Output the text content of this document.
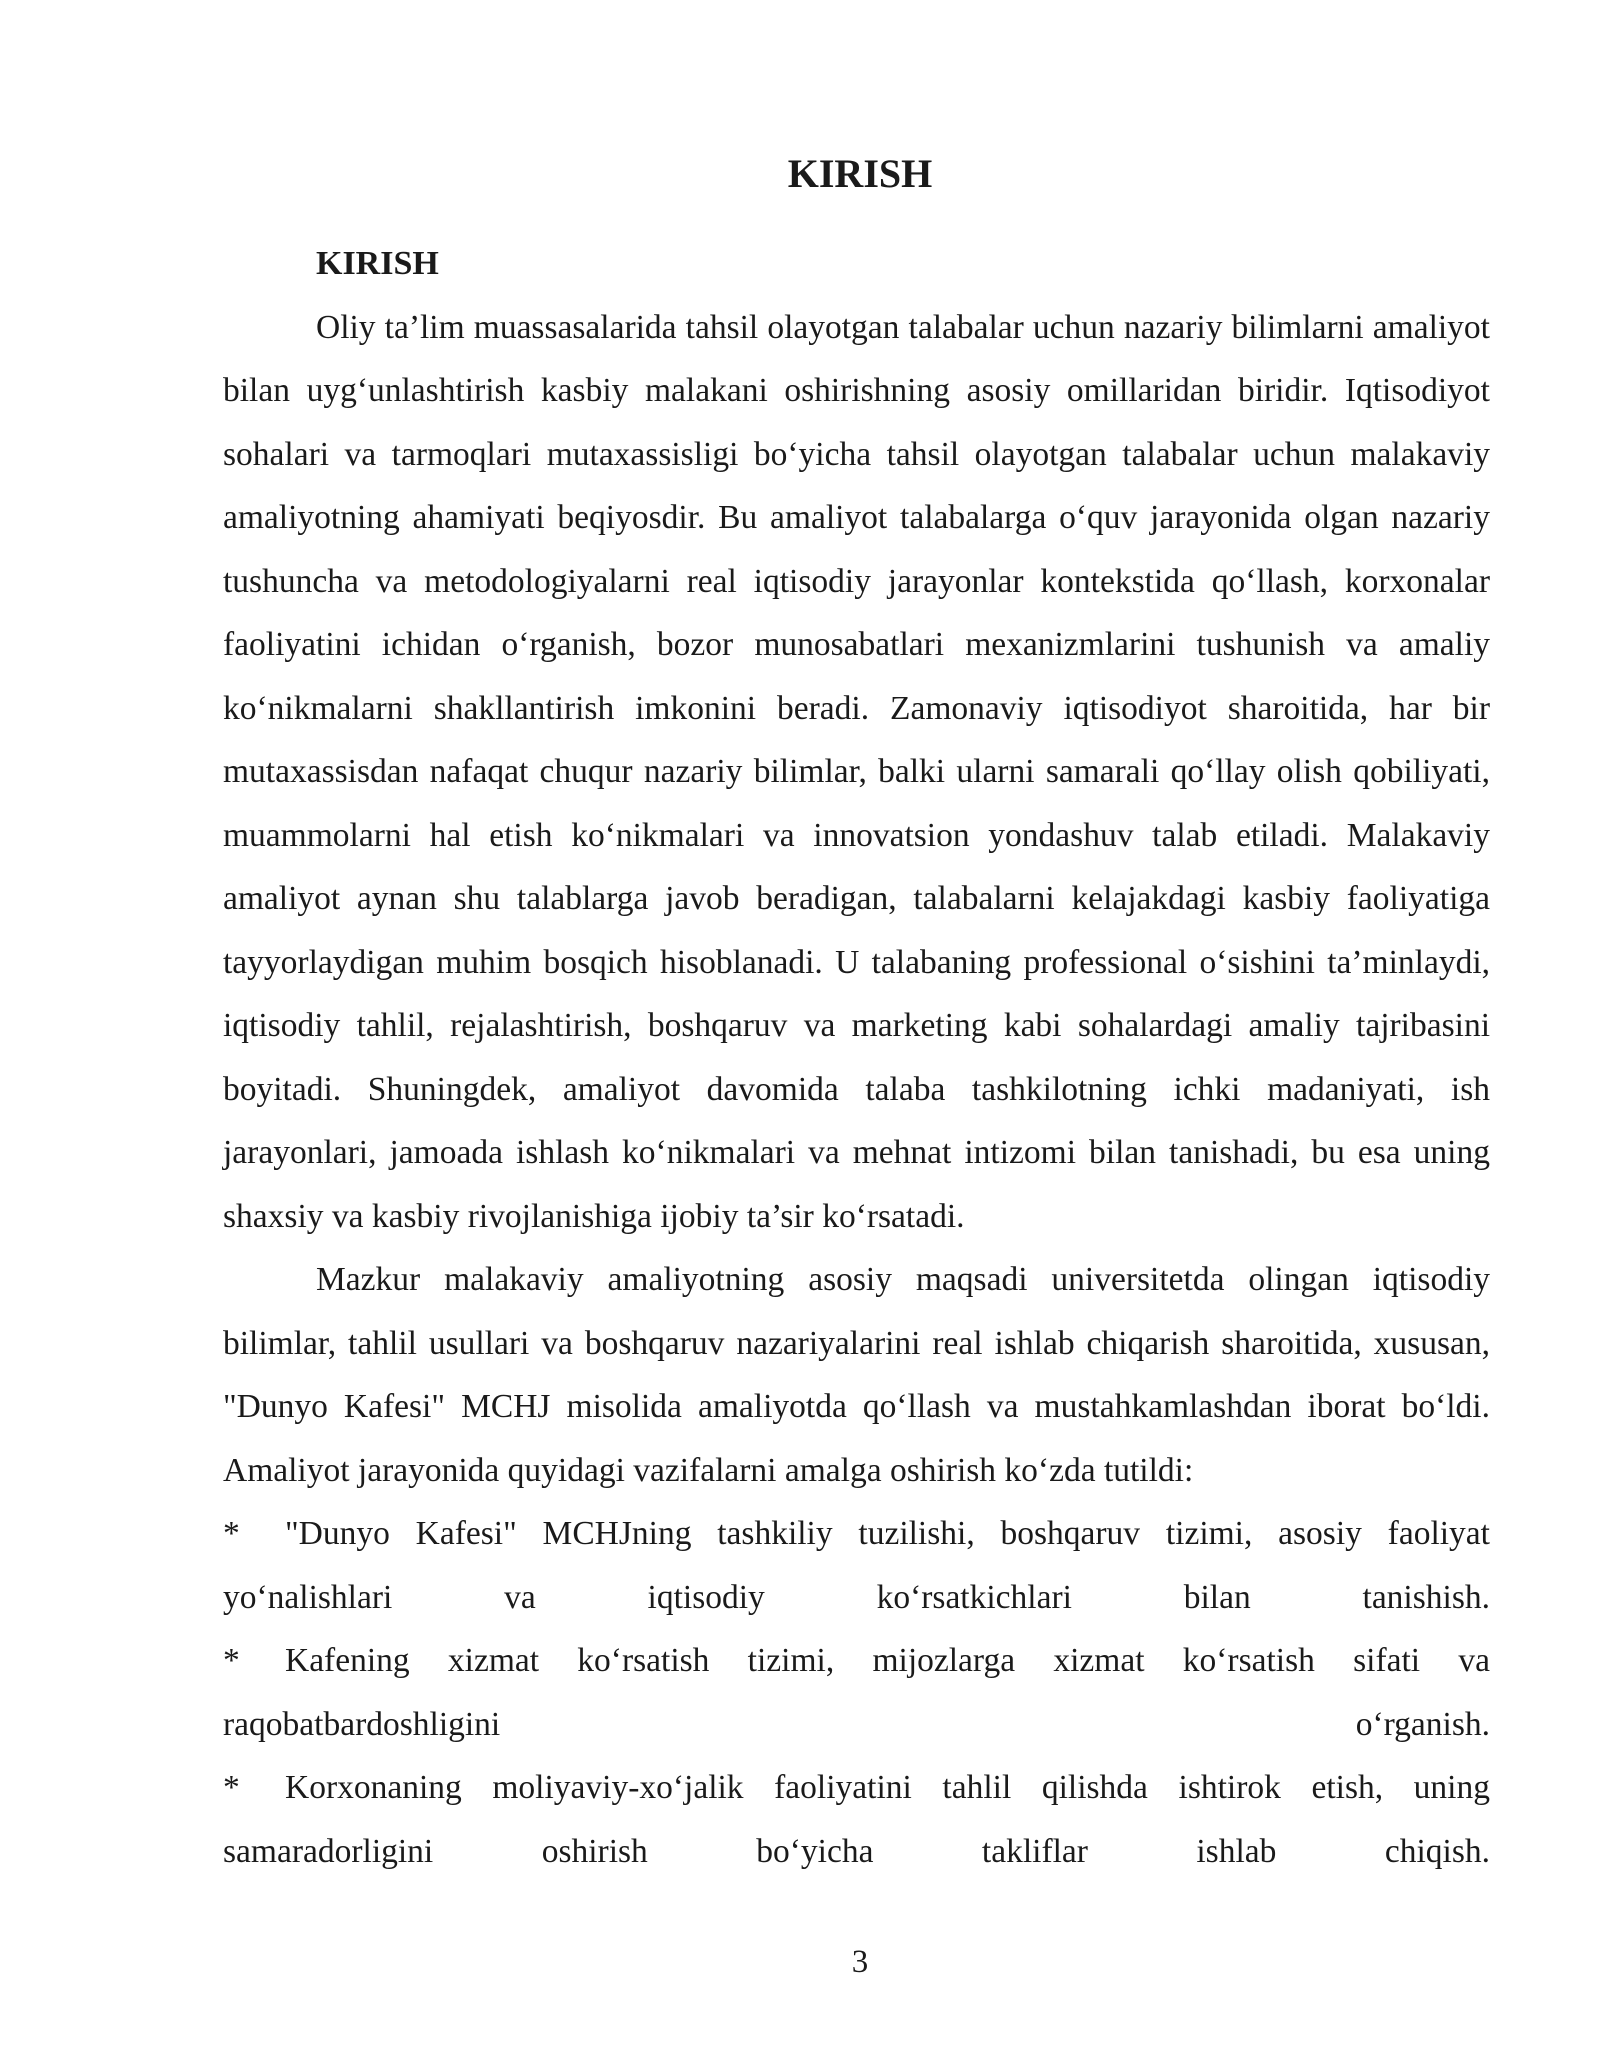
KIRISH

KIRISH

Oliy ta’lim muassasalarida tahsil olayotgan talabalar uchun nazariy bilimlarni amaliyot bilan uyg‘unlashtirish kasbiy malakani oshirishning asosiy omillaridan biridir. Iqtisodiyot sohalari va tarmoqlari mutaxassisligi bo‘yicha tahsil olayotgan talabalar uchun malakaviy amaliyotning ahamiyati beqiyosdir. Bu amaliyot talabalarga o‘quv jarayonida olgan nazariy tushuncha va metodologiyalarni real iqtisodiy jarayonlar kontekstida qo‘llash, korxonalar faoliyatini ichidan o‘rganish, bozor munosabatlari mexanizmlarini tushunish va amaliy ko‘nikmalarni shakllantirish imkonini beradi. Zamonaviy iqtisodiyot sharoitida, har bir mutaxassisdan nafaqat chuqur nazariy bilimlar, balki ularni samarali qo‘llay olish qobiliyati, muammolarni hal etish ko‘nikmalari va innovatsion yondashuv talab etiladi. Malakaviy amaliyot aynan shu talablarga javob beradigan, talabalarni kelajakdagi kasbiy faoliyatiga tayyorlaydigan muhim bosqich hisoblanadi. U talabaning professional o‘sishini ta’minlaydi, iqtisodiy tahlil, rejalashtirish, boshqaruv va marketing kabi sohalardagi amaliy tajribasini boyitadi. Shuningdek, amaliyot davomida talaba tashkilotning ichki madaniyati, ish jarayonlari, jamoada ishlash ko‘nikmalari va mehnat intizomi bilan tanishadi, bu esa uning shaxsiy va kasbiy rivojlanishiga ijobiy ta’sir ko‘rsatadi.

Mazkur malakaviy amaliyotning asosiy maqsadi universitetda olingan iqtisodiy bilimlar, tahlil usullari va boshqaruv nazariyalarini real ishlab chiqarish sharoitida, xususan, "Dunyo Kafesi" MCHJ misolida amaliyotda qo‘llash va mustahkamlashdan iborat bo‘ldi. Amaliyot jarayonida quyidagi vazifalarni amalga oshirish ko‘zda tutildi:

* "Dunyo Kafesi" MCHJning tashkiliy tuzilishi, boshqaruv tizimi, asosiy faoliyat yo‘nalishlari va iqtisodiy ko‘rsatkichlari bilan tanishish.

* Kafening xizmat ko‘rsatish tizimi, mijozlarga xizmat ko‘rsatish sifati va raqobatbardoshligini o‘rganish.

* Korxonaning moliyaviy-xo‘jalik faoliyatini tahlil qilishda ishtirok etish, uning samaradorligini oshirish bo‘yicha takliflar ishlab chiqish.

3
